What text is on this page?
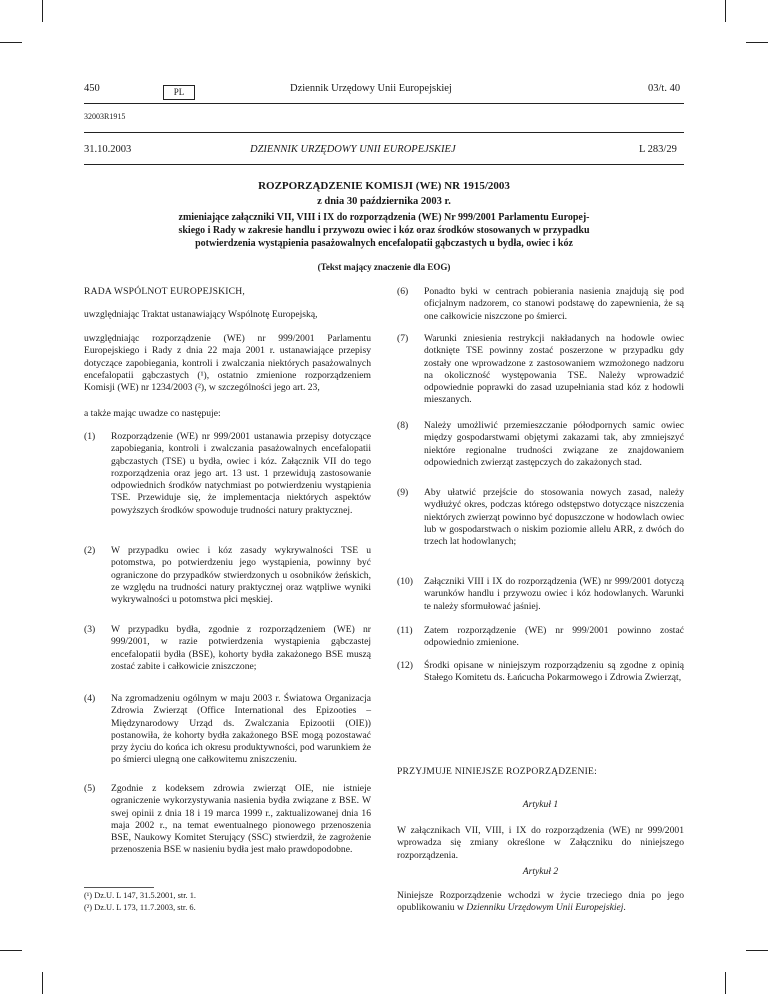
450	PL	Dziennik Urzędowy Unii Europejskiej	03/t. 40
32003R1915
31.10.2003	DZIENNIK URZĘDOWY UNII EUROPEJSKIEJ	L 283/29
ROZPORZĄDZENIE KOMISJI (WE) NR 1915/2003
z dnia 30 października 2003 r.
zmieniające załączniki VII, VIII i IX do rozporządzenia (WE) Nr 999/2001 Parlamentu Europej-
skiego i Rady w zakresie handlu i przywozu owiec i kóz oraz środków stosowanych w przypadku
potwierdzenia wystąpienia pasażowalnych encefalopatii gąbczastych u bydła, owiec i kóz
(Tekst mający znaczenie dla EOG)
RADA WSPÓLNOT EUROPEJSKICH,
uwzględniając Traktat ustanawiający Wspólnotę Europejską,
uwzględniając rozporządzenie (WE) nr 999/2001 Parlamentu Europejskiego i Rady z dnia 22 maja 2001 r. ustanawiające przepisy dotyczące zapobiegania, kontroli i zwalczania niektórych pasażowalnych encefalopatii gąbczastych (¹), ostatnio zmienione rozporządzeniem Komisji (WE) nr 1234/2003 (²), w szczególności jego art. 23,
a także mając uwadze co następuje:
(1) Rozporządzenie (WE) nr 999/2001 ustanawia przepisy dotyczące zapobiegania, kontroli i zwalczania pasażowalnych encefalopatii gąbczastych (TSE) u bydła, owiec i kóz. Załącznik VII do tego rozporządzenia oraz jego art. 13 ust. 1 przewidują zastosowanie odpowiednich środków natychmiast po potwierdzeniu wystąpienia TSE. Przewiduje się, że implementacja niektórych aspektów powyższych środków spowoduje trudności natury praktycznej.
(2) W przypadku owiec i kóz zasady wykrywalności TSE u potomstwa, po potwierdzeniu jego wystąpienia, powinny być ograniczone do przypadków stwierdzonych u osobników żeńskich, ze względu na trudności natury praktycznej oraz wątpliwe wyniki wykrywalności u potomstwa płci męskiej.
(3) W przypadku bydła, zgodnie z rozporządzeniem (WE) nr 999/2001, w razie potwierdzenia wystąpienia gąbczastej encefalopatii bydła (BSE), kohorty bydła zakażonego BSE muszą zostać zabite i całkowicie zniszczone;
(4) Na zgromadzeniu ogólnym w maju 2003 r. Światowa Organizacja Zdrowia Zwierząt (Office International des Epizooties – Międzynarodowy Urząd ds. Zwalczania Epizootii (OIE)) postanowiła, że kohorty bydła zakażonego BSE mogą pozostawać przy życiu do końca ich okresu produktywności, pod warunkiem że po śmierci ulegną one całkowitemu zniszczeniu.
(5) Zgodnie z kodeksem zdrowia zwierząt OIE, nie istnieje ograniczenie wykorzystywania nasienia bydła związane z BSE. W swej opinii z dnia 18 i 19 marca 1999 r., zaktualizowanej dnia 16 maja 2002 r., na temat ewentualnego pionowego przenoszenia BSE, Naukowy Komitet Sterujący (SSC) stwierdził, że zagrożenie przenoszenia BSE w nasieniu bydła jest mało prawdopodobne.
(¹) Dz.U. L 147, 31.5.2001, str. 1.
(²) Dz.U. L 173, 11.7.2003, str. 6.
(6) Ponadto byki w centrach pobierania nasienia znajdują się pod oficjalnym nadzorem, co stanowi podstawę do zapewnienia, że są one całkowicie niszczone po śmierci.
(7) Warunki zniesienia restrykcji nakładanych na hodowle owiec dotknięte TSE powinny zostać poszerzone w przypadku gdy zostały one wprowadzone z zastosowaniem wzmożonego nadzoru na okoliczność występowania TSE. Należy wprowadzić odpowiednie poprawki do zasad uzupełniania stad kóz z hodowli mieszanych.
(8) Należy umożliwić przemieszczanie półodpornych samic owiec między gospodarstwami objętymi zakazami tak, aby zmniejszyć niektóre regionalne trudności związane ze znajdowaniem odpowiednich zwierząt zastępczych do zakażonych stad.
(9) Aby ułatwić przejście do stosowania nowych zasad, należy wydłużyć okres, podczas którego odstępstwo dotyczące niszczenia niektórych zwierząt powinno być dopuszczone w hodowlach owiec lub w gospodarstwach o niskim poziomie allelu ARR, z dwóch do trzech lat hodowlanych;
(10) Załączniki VIII i IX do rozporządzenia (WE) nr 999/2001 dotyczą warunków handlu i przywozu owiec i kóz hodowlanych. Warunki te należy sformułować jaśniej.
(11) Zatem rozporządzenie (WE) nr 999/2001 powinno zostać odpowiednio zmienione.
(12) Środki opisane w niniejszym rozporządzeniu są zgodne z opinią Stałego Komitetu ds. Łańcucha Pokarmowego i Zdrowia Zwierząt,
PRZYJMUJE NINIEJSZE ROZPORZĄDZENIE:
Artykuł 1
W załącznikach VII, VIII, i IX do rozporządzenia (WE) nr 999/2001 wprowadza się zmiany określone w Załączniku do niniejszego rozporządzenia.
Artykuł 2
Niniejsze Rozporządzenie wchodzi w życie trzeciego dnia po jego opublikowaniu w Dzienniku Urzędowym Unii Europejskiej.
